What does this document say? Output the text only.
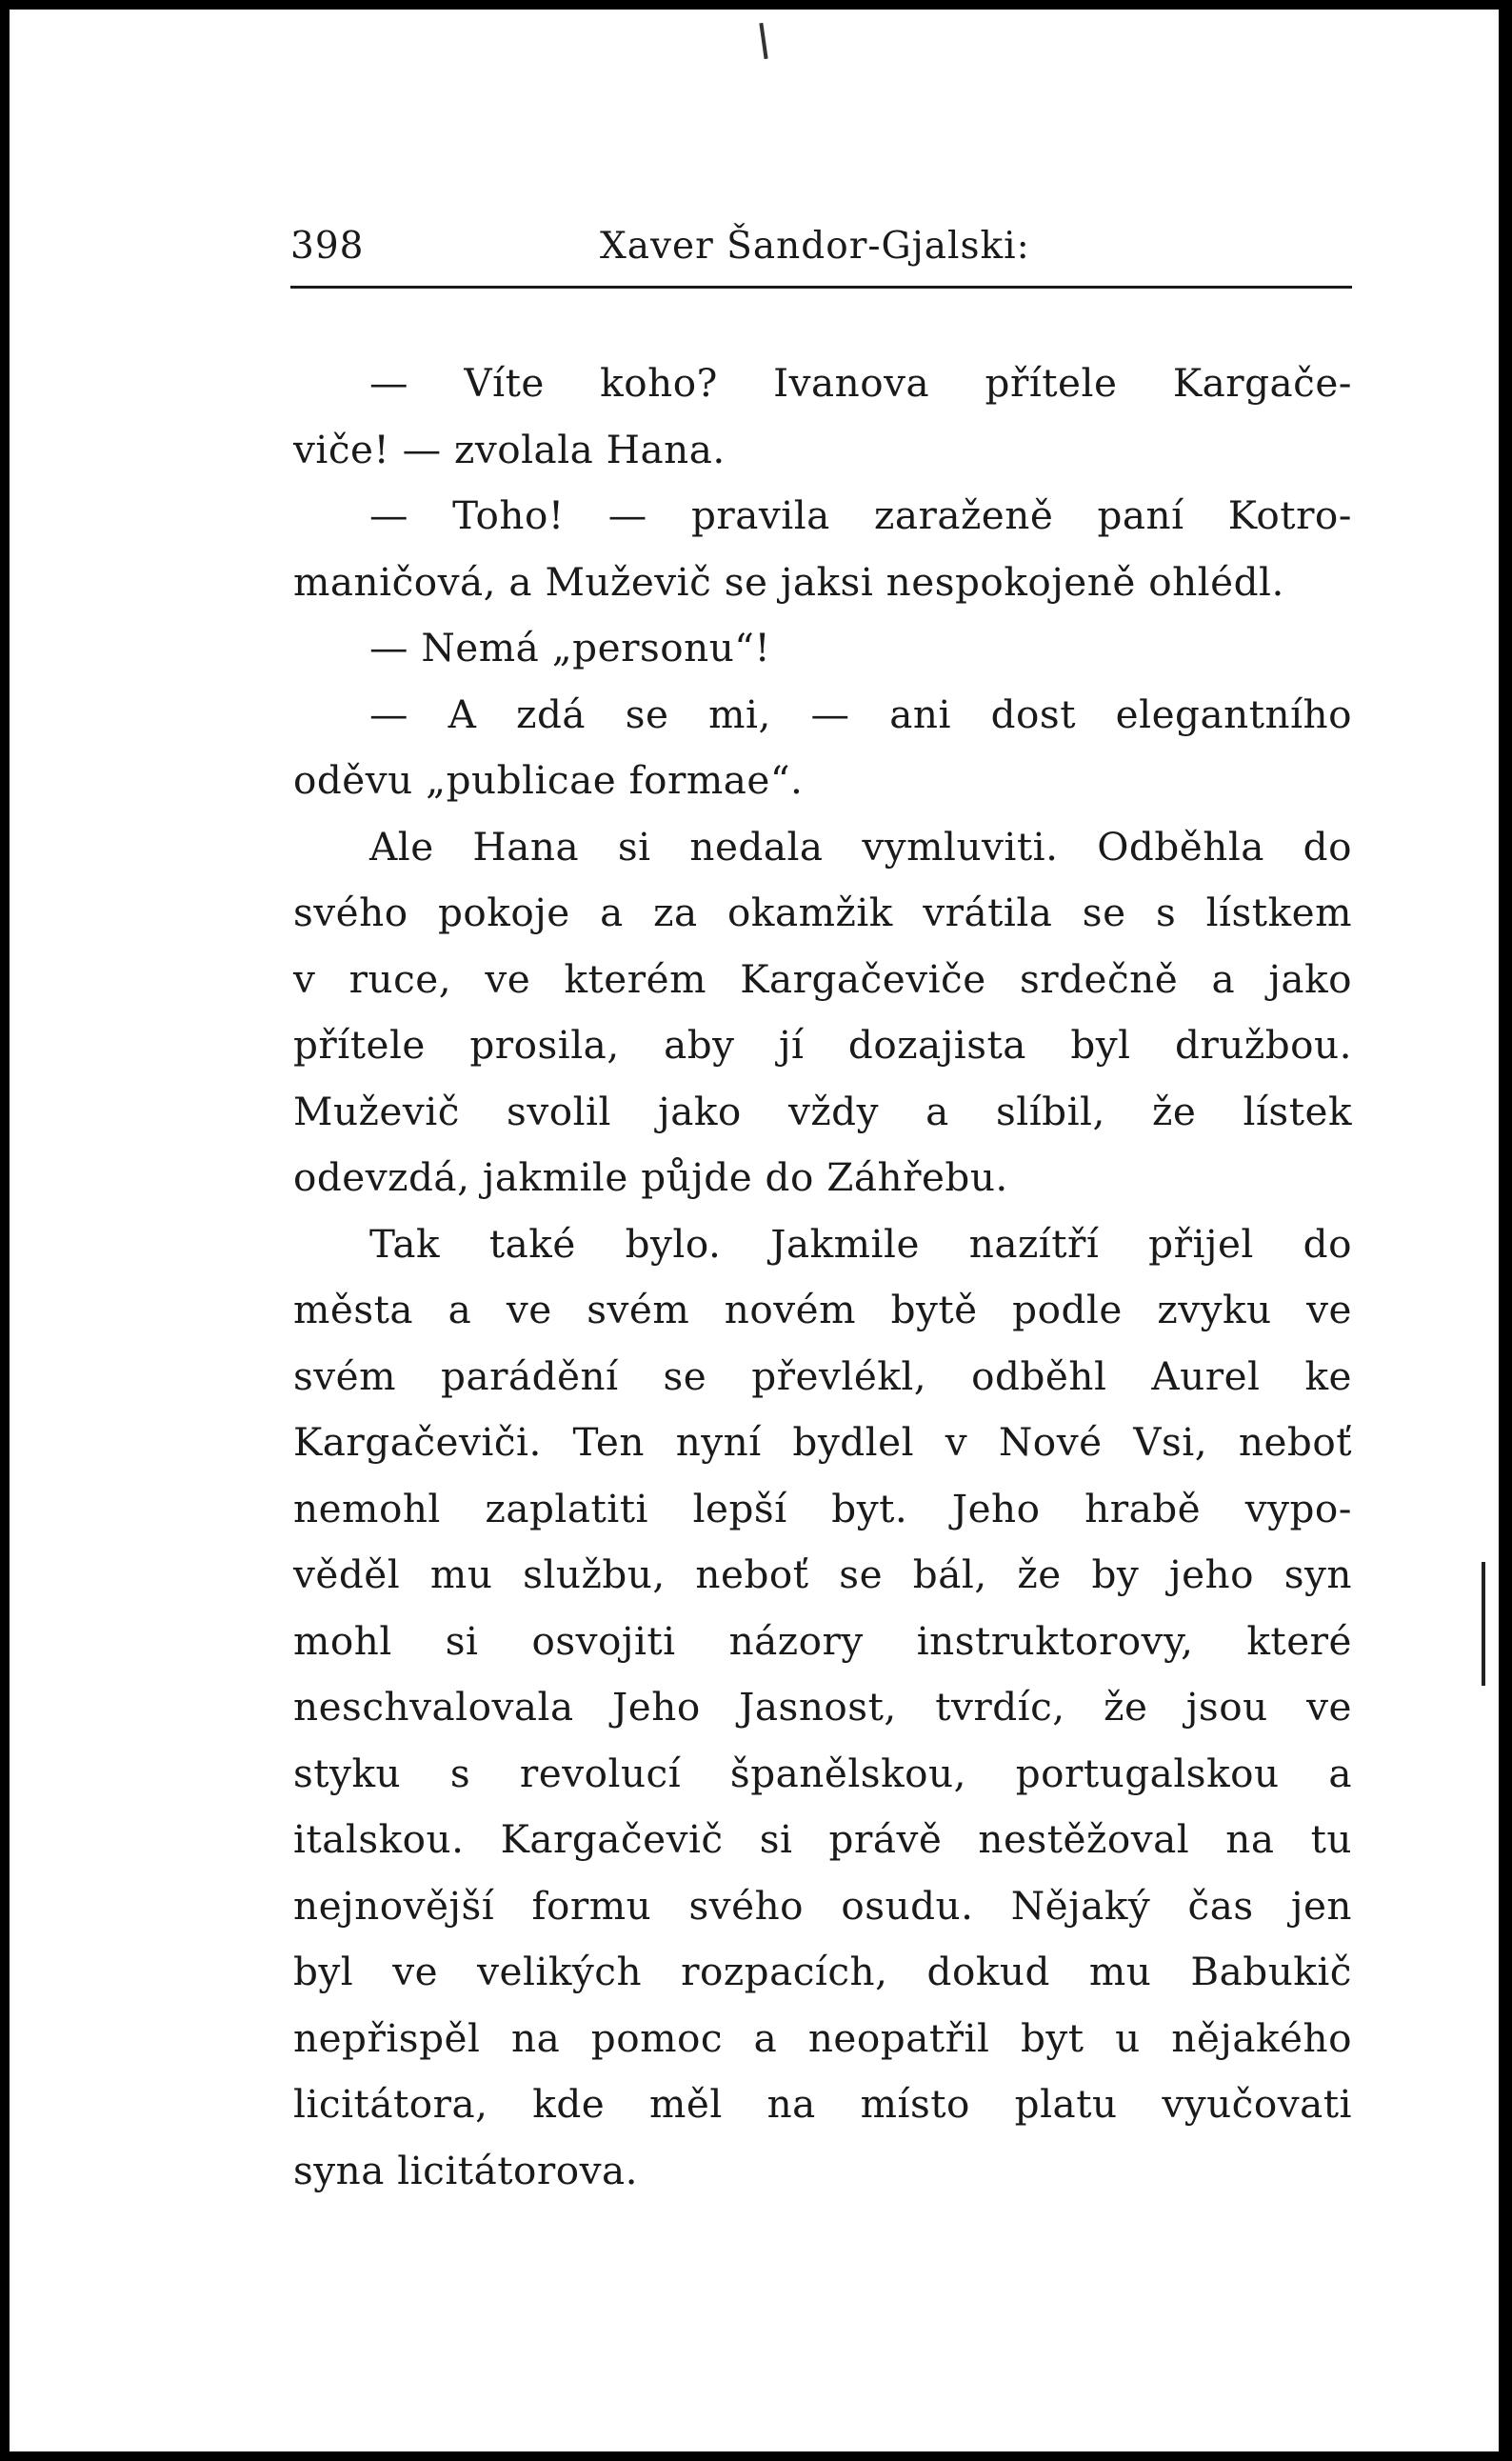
398	Xaver Šandor-Gjalski:
— Víte koho? Ivanova přítele Kargače-
viče! — zvolala Hana.
— Toho! — pravila zaraženě paní Kotro-
maničová, a Muževič se jaksi nespokojeně ohlédl.
— Nemá „personu“!
— A zdá se mi, — ani dost elegantního
oděvu „publicae formae“.
Ale Hana si nedala vymluviti. Odběhla do
svého pokoje a za okamžik vrátila se s lístkem
v ruce, ve kterém Kargačeviče srdečně a jako
přítele prosila, aby jí dozajista byl družbou.
Muževič svolil jako vždy a slíbil, že lístek
odevzdá, jakmile půjde do Záhřebu.
Tak také bylo. Jakmile nazítří přijel do
města a ve svém novém bytě podle zvyku ve
svém parádění se převlékl, odběhl Aurel ke
Kargačeviči. Ten nyní bydlel v Nové Vsi, neboť
nemohl zaplatiti lepší byt. Jeho hrabě vypo-
věděl mu službu, neboť se bál, že by jeho syn
mohl si osvojiti názory instruktorovy, které
neschvalovala Jeho Jasnost, tvrdíc, že jsou ve
styku s revolucí španělskou, portugalskou a
italskou. Kargačevič si právě nestěžoval na tu
nejnovější formu svého osudu. Nějaký čas jen
byl ve velikých rozpacích, dokud mu Babukič
nepřispěl na pomoc a neopatřil byt u nějakého
licitátora, kde měl na místo platu vyučovati
syna licitátorova.
